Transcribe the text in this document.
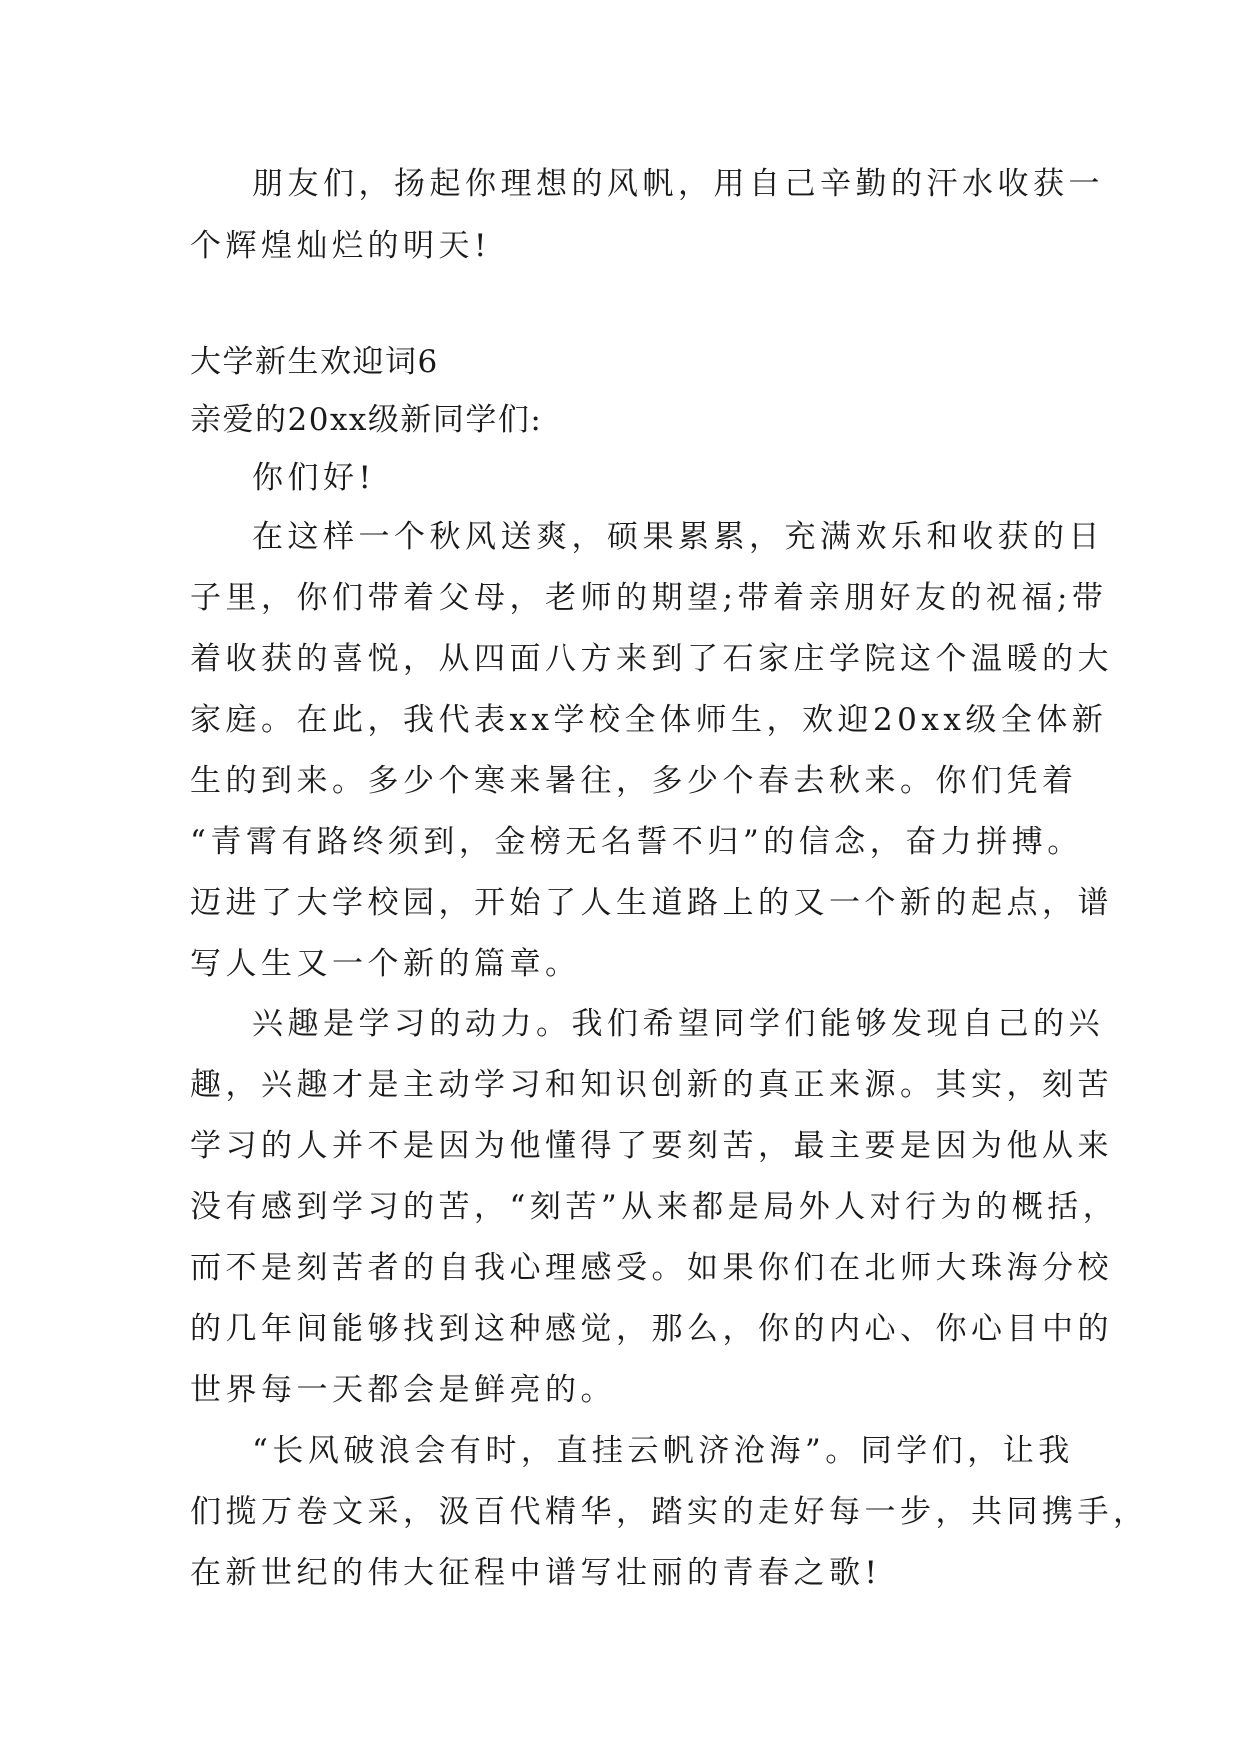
朋友们，扬起你理想的风帆，用自己辛勤的汗水收获一
个辉煌灿烂的明天!
大学新生欢迎词6
亲爱的20xx级新同学们:
你们好!
在这样一个秋风送爽，硕果累累，充满欢乐和收获的日
子里，你们带着父母，老师的期望;带着亲朋好友的祝福;带
着收获的喜悦，从四面八方来到了石家庄学院这个温暖的大
家庭。在此，我代表xx学校全体师生，欢迎20xx级全体新
生的到来。多少个寒来暑往，多少个春去秋来。你们凭着
“青霄有路终须到，金榜无名誓不归”的信念，奋力拼搏。
迈进了大学校园，开始了人生道路上的又一个新的起点，谱
写人生又一个新的篇章。
兴趣是学习的动力。我们希望同学们能够发现自己的兴
趣，兴趣才是主动学习和知识创新的真正来源。其实，刻苦
学习的人并不是因为他懂得了要刻苦，最主要是因为他从来
没有感到学习的苦，“刻苦”从来都是局外人对行为的概括，
而不是刻苦者的自我心理感受。如果你们在北师大珠海分校
的几年间能够找到这种感觉，那么，你的内心、你心目中的
世界每一天都会是鲜亮的。
“长风破浪会有时，直挂云帆济沧海”。同学们，让我
们揽万卷文采，汲百代精华，踏实的走好每一步，共同携手，
在新世纪的伟大征程中谱写壮丽的青春之歌!
